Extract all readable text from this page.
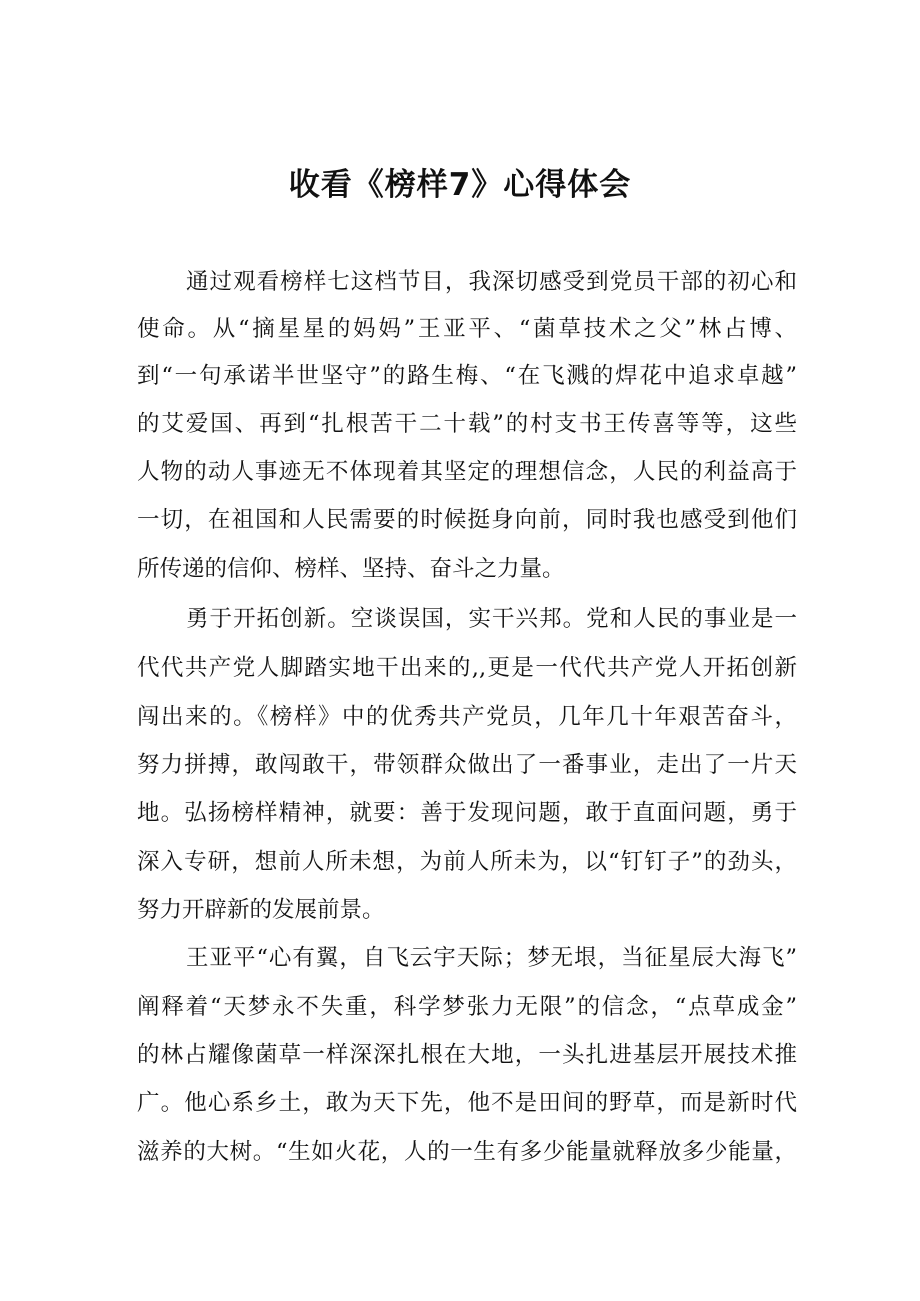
收看《榜样7》心得体会

通过观看榜样七这档节目，我深切感受到党员干部的初心和

使命。从“摘星星的妈妈”王亚平、“菌草技术之父”林占博、

到“一句承诺半世坚守”的路生梅、“在飞溅的焊花中追求卓越”

的艾爱国、再到“扎根苦干二十载”的村支书王传喜等等，这些

人物的动人事迹无不体现着其坚定的理想信念，人民的利益高于

一切，在祖国和人民需要的时候挺身向前，同时我也感受到他们

所传递的信仰、榜样、坚持、奋斗之力量。

勇于开拓创新。空谈误国，实干兴邦。党和人民的事业是一

代代共产党人脚踏实地干出来的,,更是一代代共产党人开拓创新

闯出来的。《榜样》中的优秀共产党员，几年几十年艰苦奋斗，

努力拼搏，敢闯敢干，带领群众做出了一番事业，走出了一片天

地。弘扬榜样精神，就要：善于发现问题，敢于直面问题，勇于

深入专研，想前人所未想，为前人所未为，以“钉钉子”的劲头，

努力开辟新的发展前景。

王亚平“心有翼，自飞云宇天际；梦无垠，当征星辰大海飞”

阐释着“天梦永不失重，科学梦张力无限”的信念，“点草成金”

的林占耀像菌草一样深深扎根在大地，一头扎进基层开展技术推

广。他心系乡土，敢为天下先，他不是田间的野草，而是新时代

滋养的大树。“生如火花，人的一生有多少能量就释放多少能量，
